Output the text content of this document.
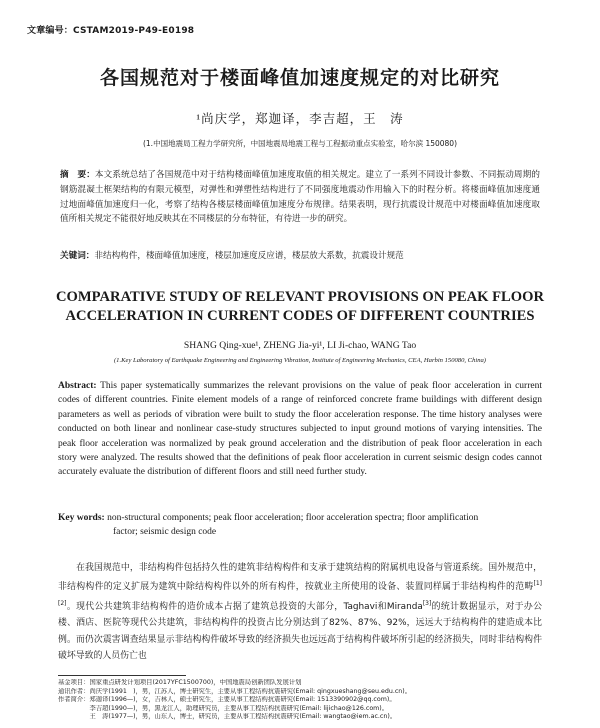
文章编号：CSTAM2019-P49-E0198
各国规范对于楼面峰值加速度规定的对比研究
¹尚庆学，郑迦译，李吉超，王　涛
(1.中国地震局工程力学研究所，中国地震局地震工程与工程振动重点实验室，哈尔滨 150080)
摘　要：本文系统总结了各国规范中对于结构楼面峰值加速度取值的相关规定。建立了一系列不同设计参数、不同振动周期的钢筋混凝土框架结构的有限元模型，对弹性和弹塑性结构进行了不同强度地震动作用输入下的时程分析。将楼面峰值加速度通过地面峰值加速度归一化，考察了结构各楼层楼面峰值加速度分布规律。结果表明，现行抗震设计规范中对楼面峰值加速度取值所相关规定不能很好地反映其在不同楼层的分布特征，有待进一步的研究。
关键词：非结构构件，楼面峰值加速度，楼层加速度反应谱，楼层放大系数，抗震设计规范
COMPARATIVE STUDY OF RELEVANT PROVISIONS ON PEAK FLOOR
ACCELERATION IN CURRENT CODES OF DIFFERENT COUNTRIES
SHANG Qing-xue¹, ZHENG Jia-yi¹, LI Ji-chao, WANG Tao
(1.Key Laboratory of Earthquake Engineering and Engineering Vibration, Institute of Engineering Mechanics, CEA, Harbin 150080, China)
Abstract: This paper systematically summarizes the relevant provisions on the value of peak floor acceleration in current codes of different countries. Finite element models of a range of reinforced concrete frame buildings with different design parameters as well as periods of vibration were built to study the floor acceleration response. The time history analyses were conducted on both linear and nonlinear case-study structures subjected to input ground motions of varying intensities. The peak floor acceleration was normalized by peak ground acceleration and the distribution of peak floor acceleration in each story were analyzed. The results showed that the definitions of peak floor acceleration in current seismic design codes cannot accurately evaluate the distribution of different floors and still need further study.
Key words: non-structural components; peak floor acceleration; floor acceleration spectra; floor amplification
factor; seismic design code
在我国规范中，非结构构件包括持久性的建筑非结构构件和支承于建筑结构的附属机电设备与管道系统。国外规范中，非结构构件的定义扩展为建筑中除结构构件以外的所有构件，按就业主所使用的设备、装置同样属于非结构构件的范畴[1][2]。现代公共建筑非结构构件的造价成本占据了建筑总投资的大部分，Taghavi和Miranda[3]的统计数据显示，对于办公楼、酒店、医院等现代公共建筑，非结构构件的投资占比分别达到了82%、87%、92%，远远大于结构构件的建造成本比例。而仍次震害调查结果显示非结构构件破坏导致的经济损失也远远高于结构构件破坏所引起的经济损失，同时非结构构件破坏导致的人员伤亡也
基金项目：国家重点研发计划项目(2017YFC1500700)，中国地震局创新团队发展计划
通讯作者：尚庆学(1991　)，男，江苏人，博士研究生，主要从事工程结构抗震研究(Email: qingxueshang@seu.edu.cn)。
作者简介：郑迦译(1996—)，女，吉林人，硕士研究生，主要从事工程结构抗震研究(Email: 1513390902@qq.com)。
　　　　　李吉超(1990—)，男，黑龙江人，助理研究员，主要从事工程结构抗震研究(Email: lijichao@126.com)。
　　　　　王　涛(1977—)，男，山东人，博士，研究员，主要从事工程结构抗震研究(Email: wangtao@iem.ac.cn)。
